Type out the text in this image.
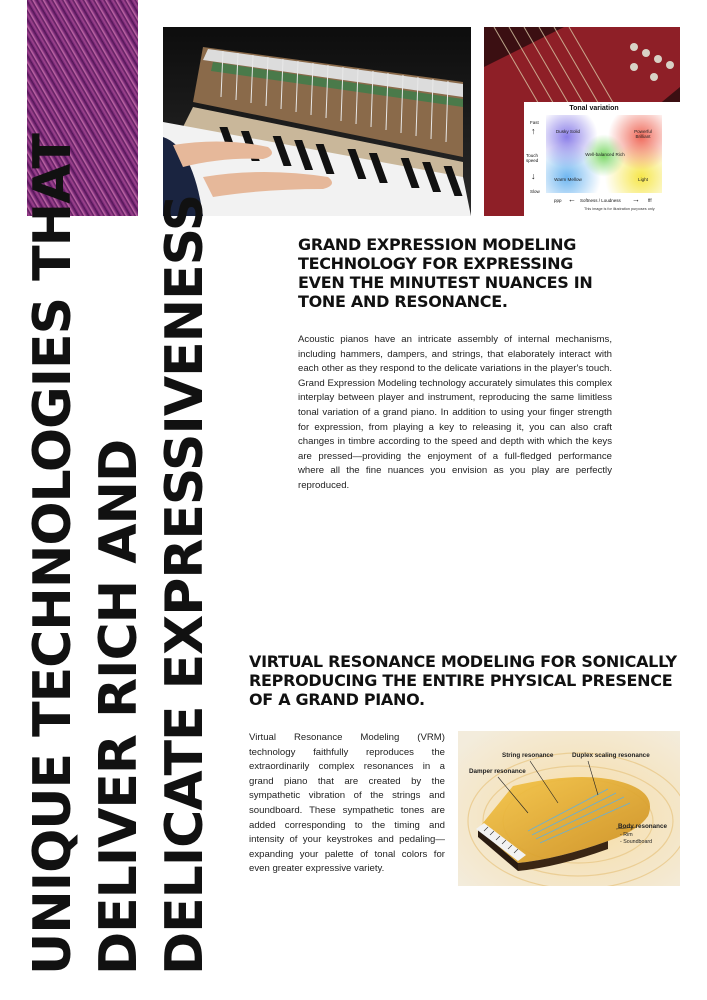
Tonal variation
Fast
↑
Touch speed
↓
Slow
Dusky Solid	Powerful Brilliant
Well-balanced Rich
Warm Mellow	Light
ppp ← Softness / Loudness → fff
This image is for illustration purposes only
UNIQUE TECHNOLOGIES THAT DELIVER RICH AND DELICATE EXPRESSIVENESS	GRAND EXPRESSION MODELING TECHNOLOGY FOR EXPRESSING EVEN THE MINUTEST NUANCES IN TONE AND RESONANCE.

Acoustic pianos have an intricate assembly of internal mechanisms, including hammers, dampers, and strings, that elaborately interact with each other as they respond to the delicate variations in the player's touch. Grand Expression Modeling technology accurately simulates this complex interplay between player and instrument, reproducing the same limitless tonal variation of a grand piano. In addition to using your finger strength for expression, from playing a key to releasing it, you can also craft changes in timbre according to the speed and depth with which the keys are pressed—providing the enjoyment of a full-fledged performance where all the fine nuances you envision as you play are perfectly reproduced.

VIRTUAL RESONANCE MODELING FOR SONICALLY REPRODUCING THE ENTIRE PHYSICAL PRESENCE OF A GRAND PIANO.

Virtual Resonance Modeling (VRM) technology faithfully reproduces the extraordinarily complex resonances in a grand piano that are created by the sympathetic vibration of the strings and soundboard. These sympathetic tones are added corresponding to the timing and intensity of your keystrokes and pedaling—expanding your palette of tonal colors for even greater expressive variety.

String resonance	Duplex scaling resonance
Damper resonance
Body resonance
- Rim
- Soundboard
